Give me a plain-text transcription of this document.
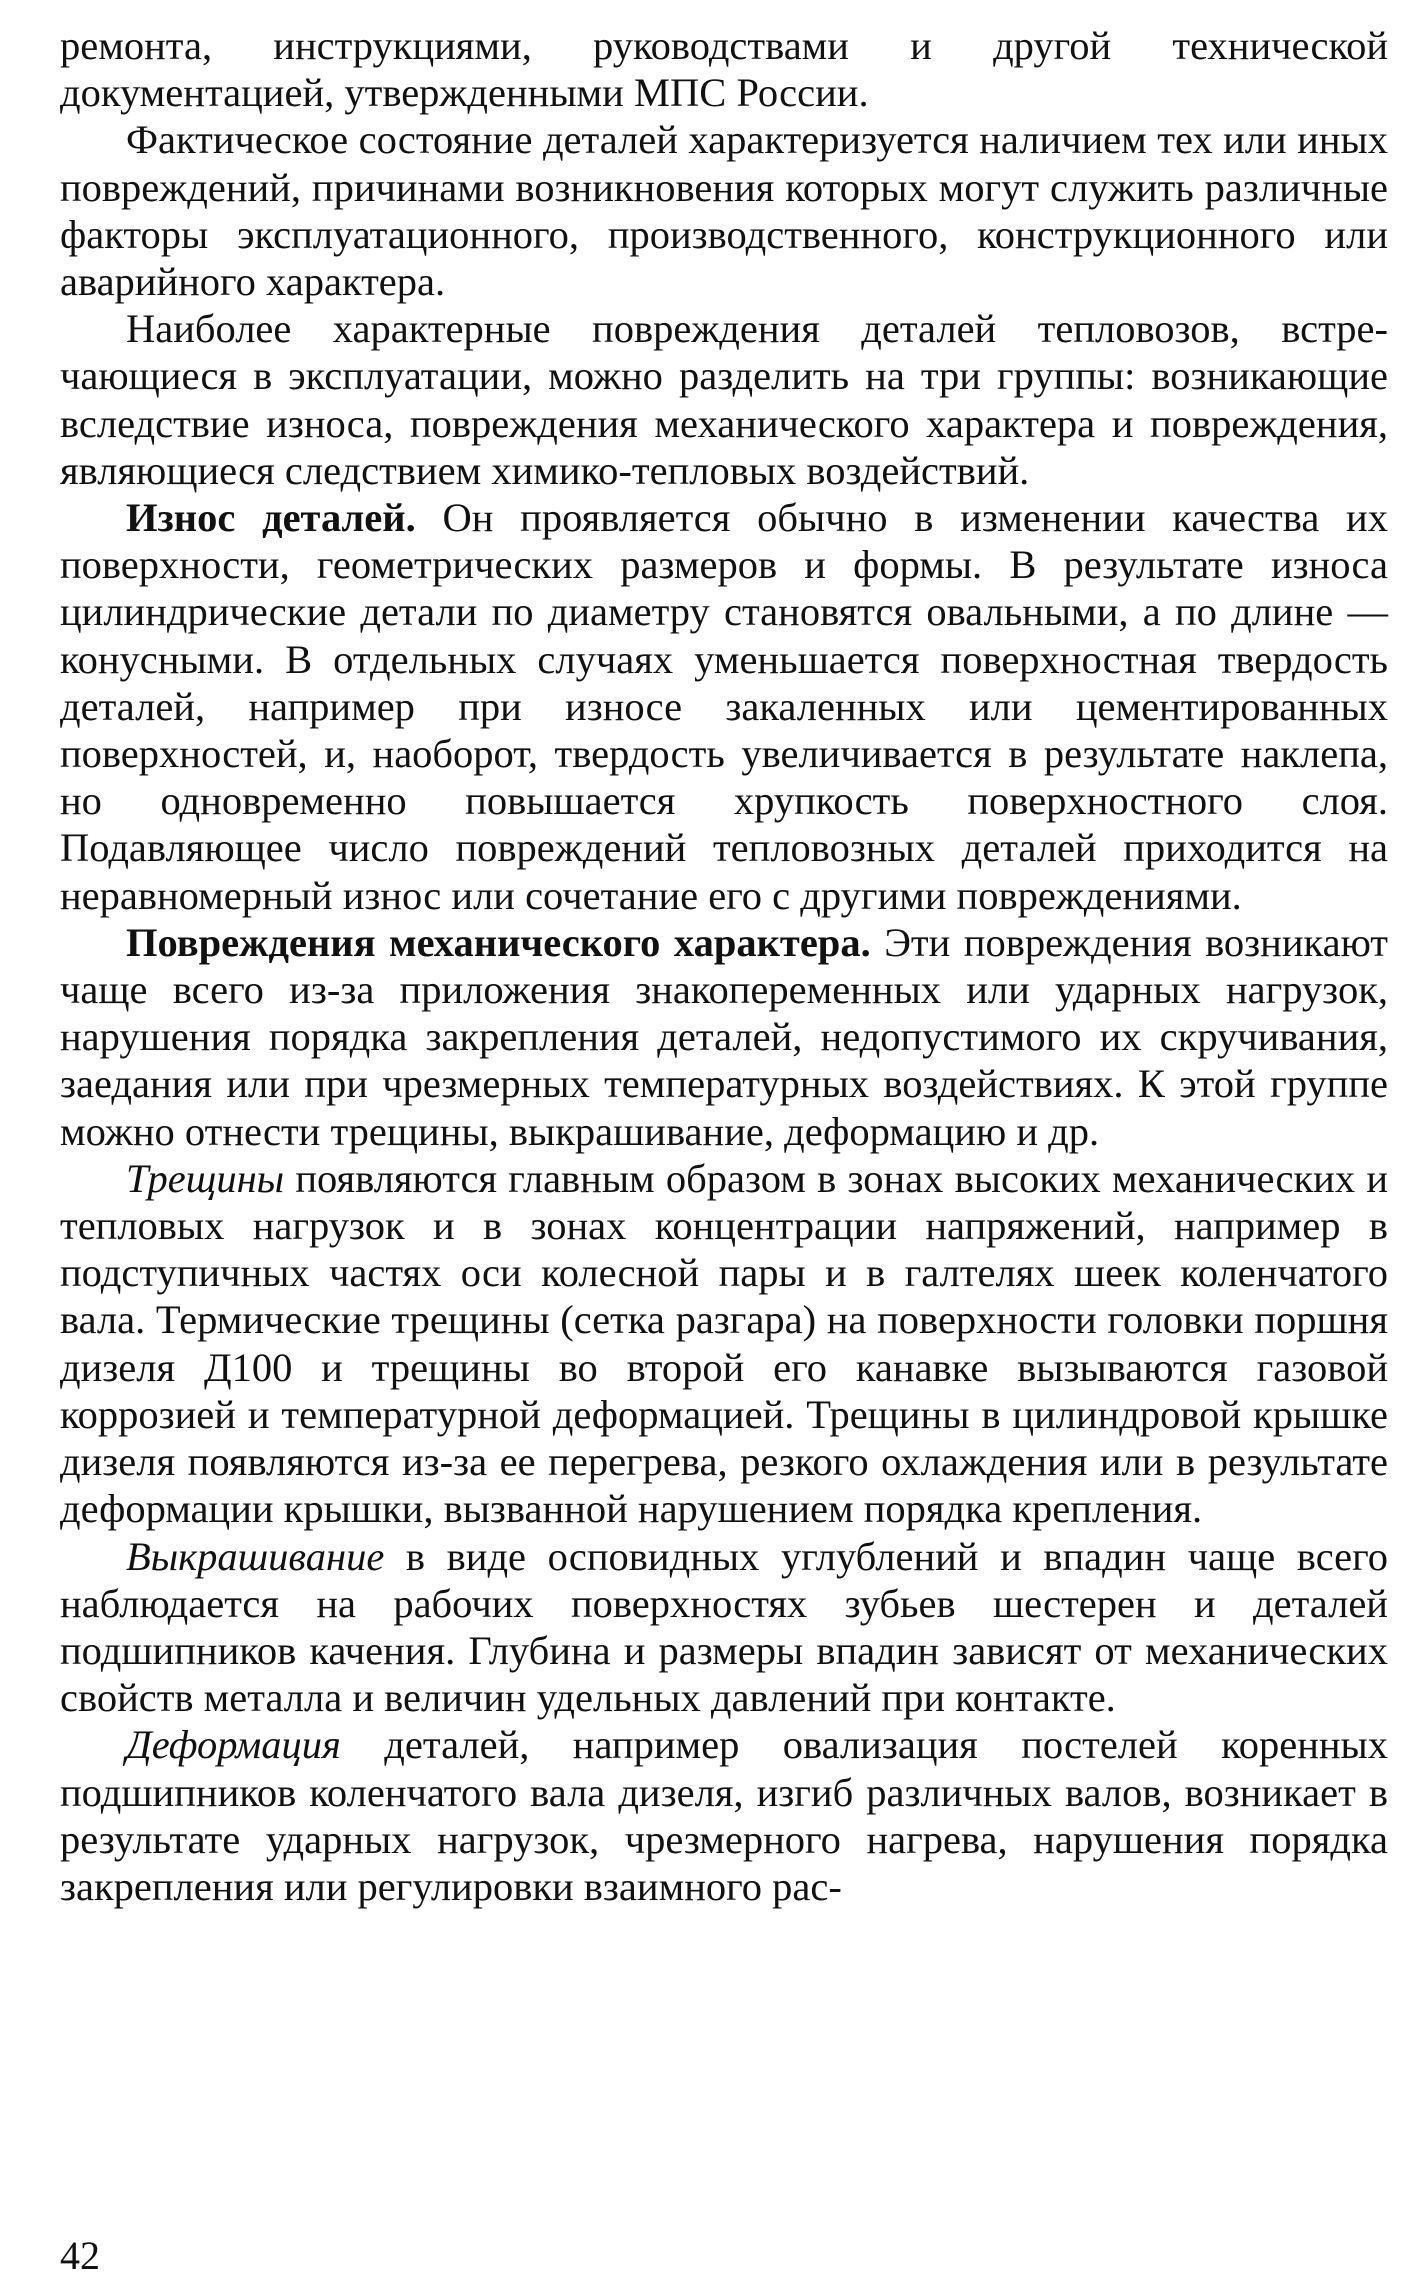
ремонта, инструкциями, руководствами и другой технической документацией, утвержденными МПС России.

Фактическое состояние деталей характеризуется наличием тех или иных повреждений, причинами возникновения которых могут служить различные факторы эксплуатационного, производственного, конструкционного или аварийного характера.

Наиболее характерные повреждения деталей тепловозов, встречающиеся в эксплуатации, можно разделить на три группы: возникающие вследствие износа, повреждения механического характера и повреждения, являющиеся следствием химико-тепловых воздействий.

Износ деталей. Он проявляется обычно в изменении качества их поверхности, геометрических размеров и формы. В результате износа цилиндрические детали по диаметру становятся овальными, а по длине — конусными. В отдельных случаях уменьшается поверхностная твердость деталей, например при износе закаленных или цементированных поверхностей, и, наоборот, твердость увеличивается в результате наклепа, но одновременно повышается хрупкость поверхностного слоя. Подавляющее число повреждений тепловозных деталей приходится на неравномерный износ или сочетание его с другими повреждениями.

Повреждения механического характера. Эти повреждения возникают чаще всего из-за приложения знакопеременных или ударных нагрузок, нарушения порядка закрепления деталей, недопустимого их скручивания, заедания или при чрезмерных температурных воздействиях. К этой группе можно отнести трещины, выкрашивание, деформацию и др.

Трещины появляются главным образом в зонах высоких механических и тепловых нагрузок и в зонах концентрации напряжений, например в подступичных частях оси колесной пары и в галтелях шеек коленчатого вала. Термические трещины (сетка разгара) на поверхности головки поршня дизеля Д100 и трещины во второй его канавке вызываются газовой коррозией и температурной деформацией. Трещины в цилиндровой крышке дизеля появляются из-за ее перегрева, резкого охлаждения или в результате деформации крышки, вызванной нарушением порядка крепления.

Выкрашивание в виде осповидных углублений и впадин чаще всего наблюдается на рабочих поверхностях зубьев шестерен и деталей подшипников качения. Глубина и размеры впадин зависят от механических свойств металла и величин удельных давлений при контакте.

Деформация деталей, например овализация постелей коренных подшипников коленчатого вала дизеля, изгиб различных валов, возникает в результате ударных нагрузок, чрезмерного нагрева, нарушения порядка закрепления или регулировки взаимного рас-

42
